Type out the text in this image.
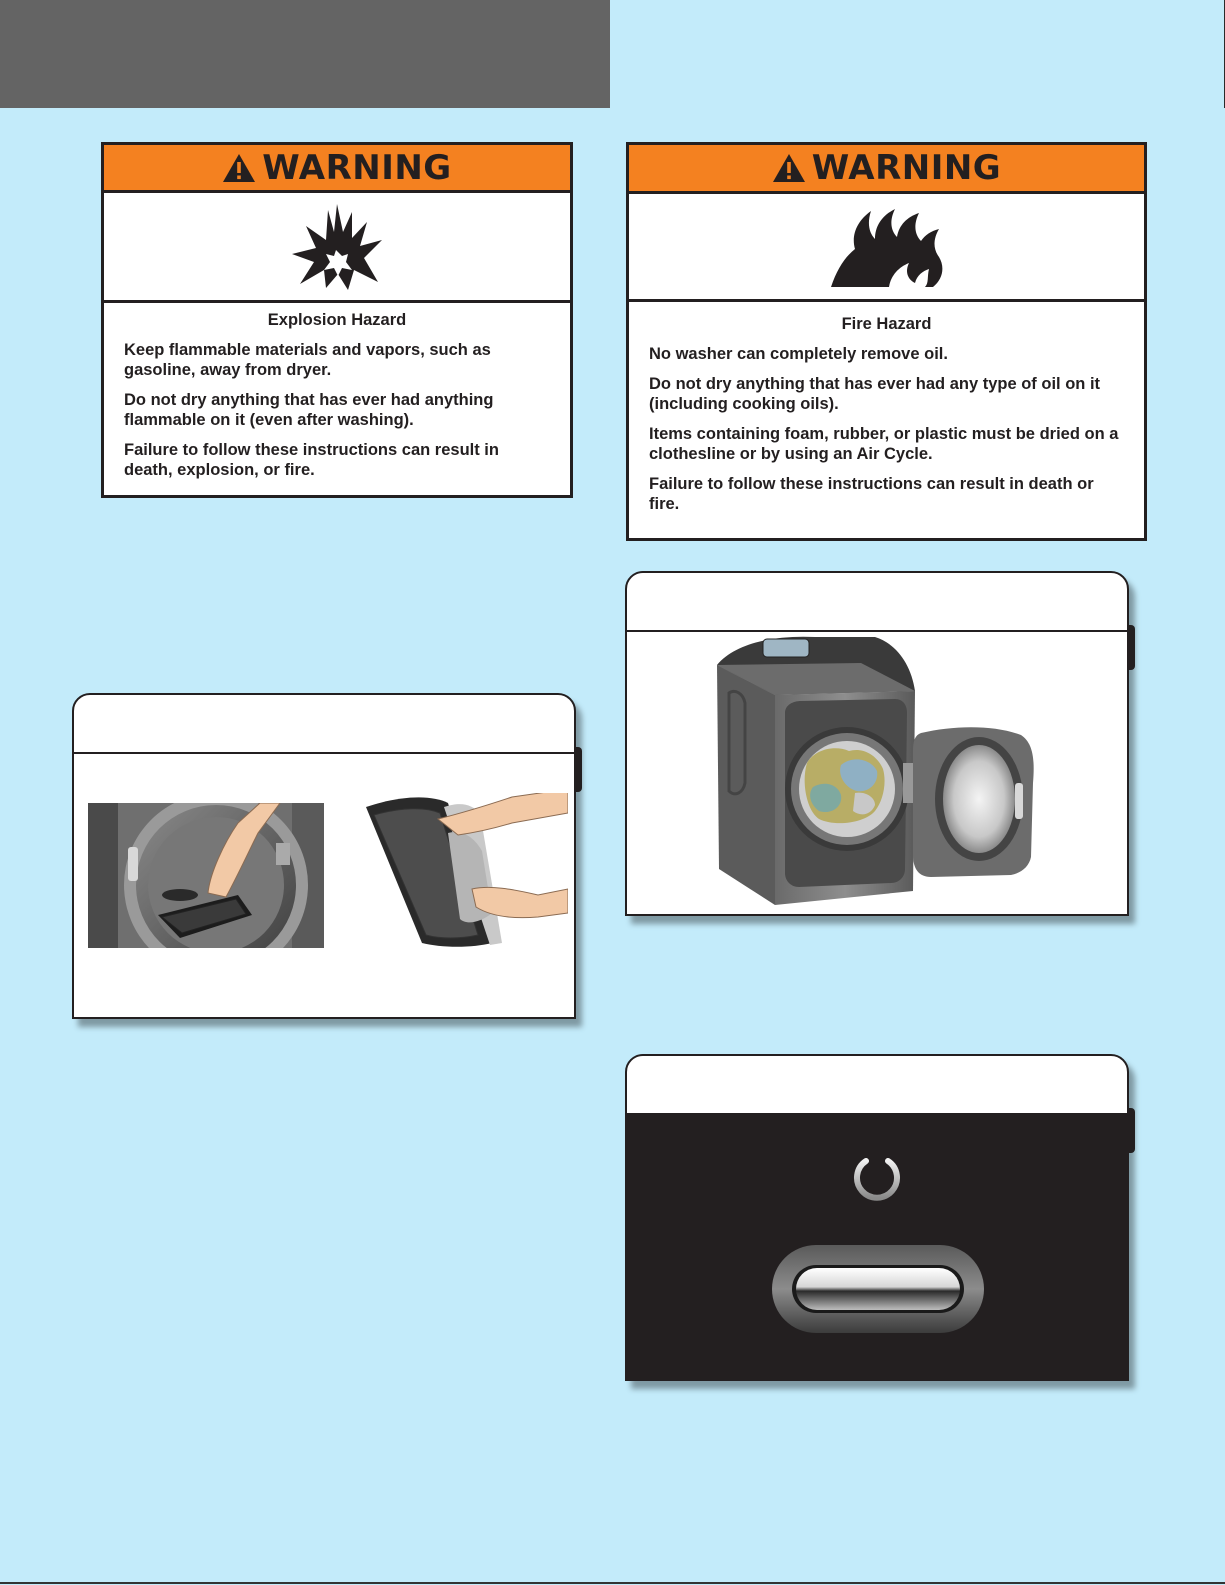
WARNING
Explosion Hazard
Keep flammable materials and vapors, such as gasoline, away from dryer.
Do not dry anything that has ever had anything flammable on it (even after washing).
Failure to follow these instructions can result in death, explosion, or fire.
WARNING
Fire Hazard
No washer can completely remove oil.
Do not dry anything that has ever had any type of oil on it (including cooking oils).
Items containing foam, rubber, or plastic must be dried on a clothesline or by using an Air Cycle.
Failure to follow these instructions can result in death or fire.
